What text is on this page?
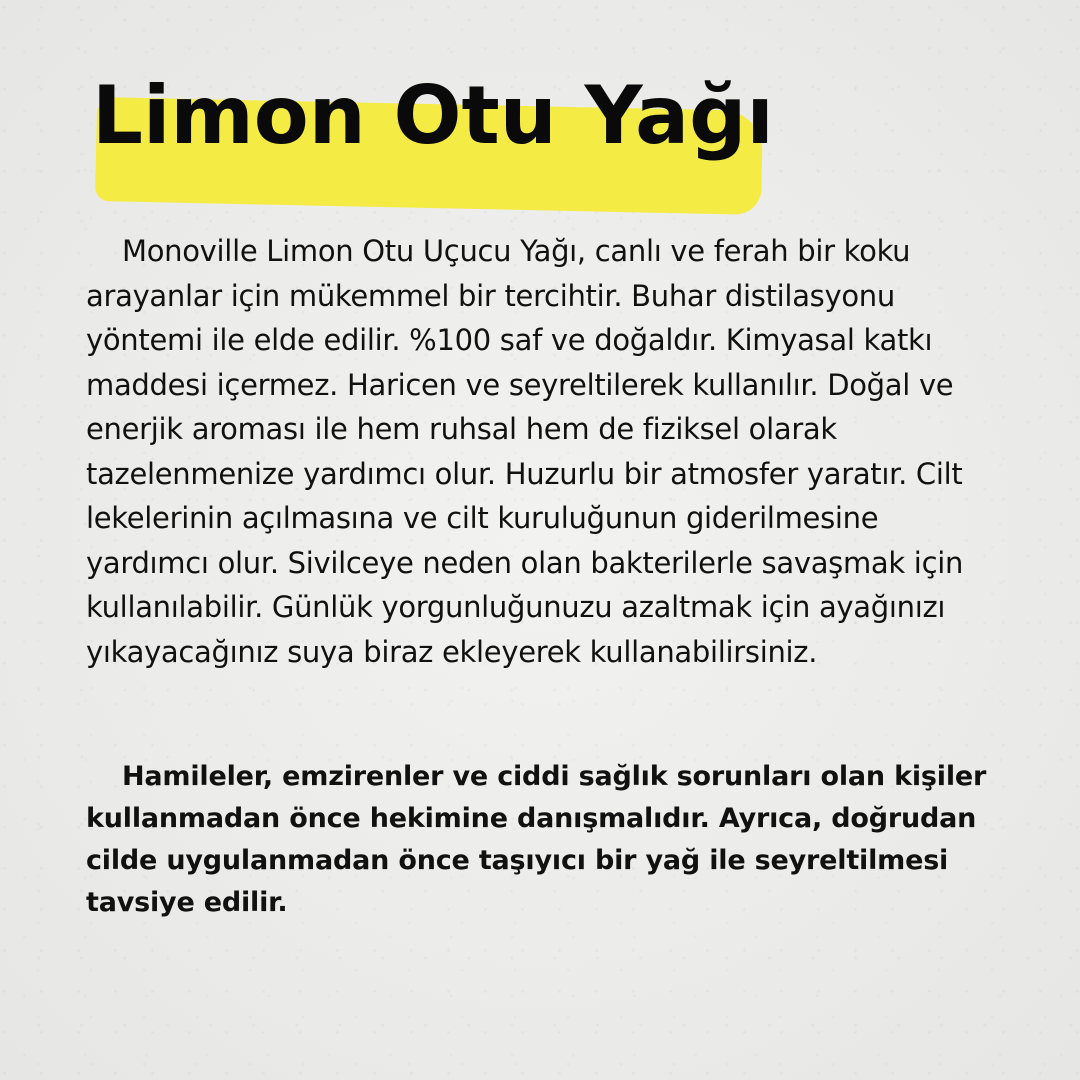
Limon Otu Yağı

Monoville Limon Otu Uçucu Yağı, canlı ve ferah bir koku arayanlar için mükemmel bir tercihtir. Buhar distilasyonu yöntemi ile elde edilir. %100 saf ve doğaldır. Kimyasal katkı maddesi içermez. Haricen ve seyreltilerek kullanılır. Doğal ve enerjik aroması ile hem ruhsal hem de fiziksel olarak tazelenmenize yardımcı olur. Huzurlu bir atmosfer yaratır. Cilt lekelerinin açılmasına ve cilt kuruluğunun giderilmesine yardımcı olur. Sivilceye neden olan bakterilerle savaşmak için kullanılabilir. Günlük yorgunluğunuzu azaltmak için ayağınızı yıkayacağınız suya biraz ekleyerek kullanabilirsiniz.

Hamileler, emzirenler ve ciddi sağlık sorunları olan kişiler kullanmadan önce hekimine danışmalıdır. Ayrıca, doğrudan cilde uygulanmadan önce taşıyıcı bir yağ ile seyreltilmesi tavsiye edilir.
